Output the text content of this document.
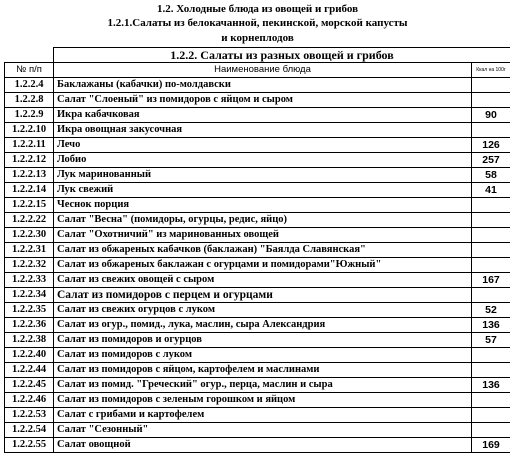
1.2. Холодные блюда из овощей и грибов
1.2.1.Салаты из белокачанной, пекинской, морской капусты
и корнеплодов
	1.2.2. Салаты из разных овощей и грибов	
№ п/п	Наименование блюда	Ккал на 100г
1.2.2.4	Баклажаны (кабачки) по-молдавски	
1.2.2.8	Салат "Слоеный" из помидоров с яйцом и сыром	
1.2.2.9	Икра кабачковая	90
1.2.2.10	Икра овощная закусочная	
1.2.2.11	Лечо	126
1.2.2.12	Лобио	257
1.2.2.13	Лук маринованный	58
1.2.2.14	Лук свежий	41
1.2.2.15	Чеснок порция	
1.2.2.22	Салат "Весна" (помидоры, огурцы, редис, яйцо)	
1.2.2.30	Салат "Охотничий" из маринованных овощей	
1.2.2.31	Салат из обжареных кабачков (баклажан) "Баялда Славянская"	
1.2.2.32	Салат из обжареных баклажан с огурцами и помидорами"Южный"	
1.2.2.33	Салат из свежих овощей с сыром	167
1.2.2.34	Салат из помидоров с перцем и огурцами	
1.2.2.35	Салат из свежих огурцов с луком	52
1.2.2.36	Салат из огур., помид., лука, маслин, сыра Александрия	136
1.2.2.38	Салат из помидоров и огурцов	57
1.2.2.40	Салат из помидоров с луком	
1.2.2.44	Салат из помидоров с яйцом, картофелем и маслинами	
1.2.2.45	Салат из помид. "Греческий" огур., перца, маслин и сыра	136
1.2.2.46	Салат из помидоров с зеленым горошком и яйцом	
1.2.2.53	Салат с грибами и картофелем	
1.2.2.54	Салат "Сезонный"	
1.2.2.55	Салат овощной	169
